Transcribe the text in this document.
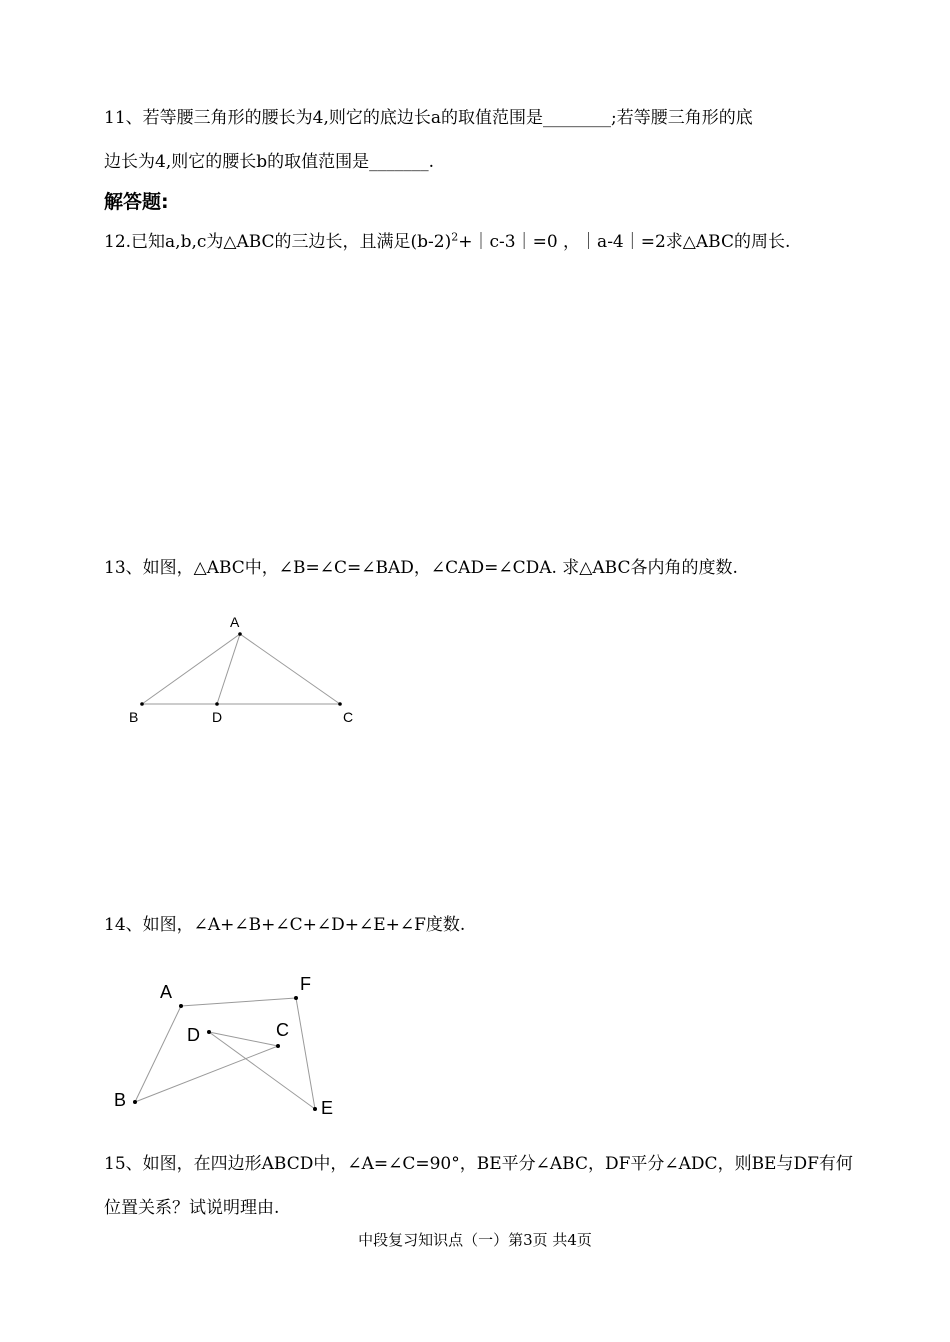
11、若等腰三角形的腰长为4,则它的底边长a的取值范围是________;若等腰三角形的底
边长为4,则它的腰长b的取值范围是_______.
解答题:
12.已知a,b,c为△ABC的三边长，且满足$(b-2)^2+|c-3|=0$ ，｜a-4｜=2求△ABC的周长.
13、如图，△ABC中，∠B=∠C=∠BAD，∠CAD=∠CDA. 求△ABC各内角的度数.
A
B	D	C
A	F
D	C
B	E
14、如图，∠A+∠B+∠C+∠D+∠E+∠F度数.
15、如图，在四边形ABCD中，∠A=∠C=90°，BE平分∠ABC，DF平分∠ADC，则BE与DF有何
位置关系？试说明理由.
中段复习知识点（一）第3页 共4页
